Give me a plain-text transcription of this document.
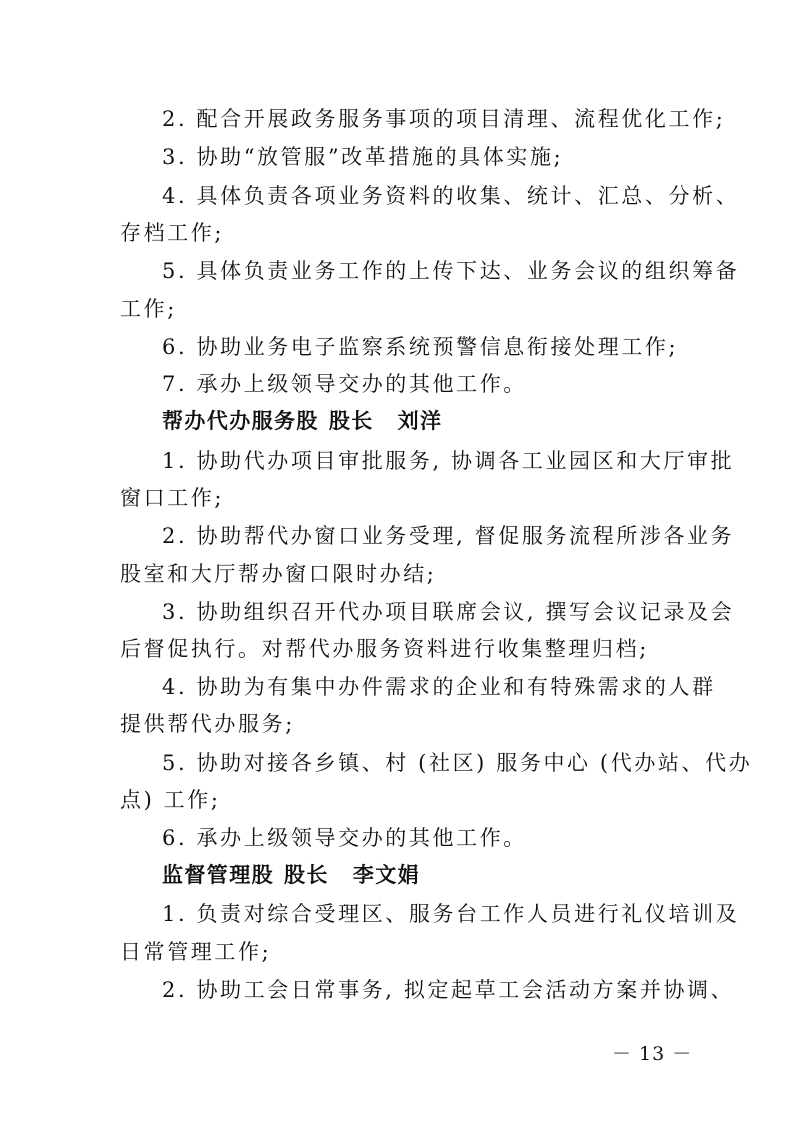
2. 配合开展政务服务事项的项目清理、流程优化工作;
3. 协助“放管服”改革措施的具体实施;
4. 具体负责各项业务资料的收集、统计、汇总、分析、
存档工作;
5. 具体负责业务工作的上传下达、业务会议的组织筹备
工作;
6. 协助业务电子监察系统预警信息衔接处理工作;
7. 承办上级领导交办的其他工作。
帮办代办服务股 股长 刘洋
1. 协助代办项目审批服务, 协调各工业园区和大厅审批
窗口工作;
2. 协助帮代办窗口业务受理, 督促服务流程所涉各业务
股室和大厅帮办窗口限时办结;
3. 协助组织召开代办项目联席会议, 撰写会议记录及会
后督促执行。对帮代办服务资料进行收集整理归档;
4. 协助为有集中办件需求的企业和有特殊需求的人群
提供帮代办服务;
5. 协助对接各乡镇、村 (社区) 服务中心 (代办站、代办
点) 工作;
6. 承办上级领导交办的其他工作。
监督管理股 股长 李文娟
1. 负责对综合受理区、服务台工作人员进行礼仪培训及
日常管理工作;
2. 协助工会日常事务, 拟定起草工会活动方案并协调、
－ 13 －
